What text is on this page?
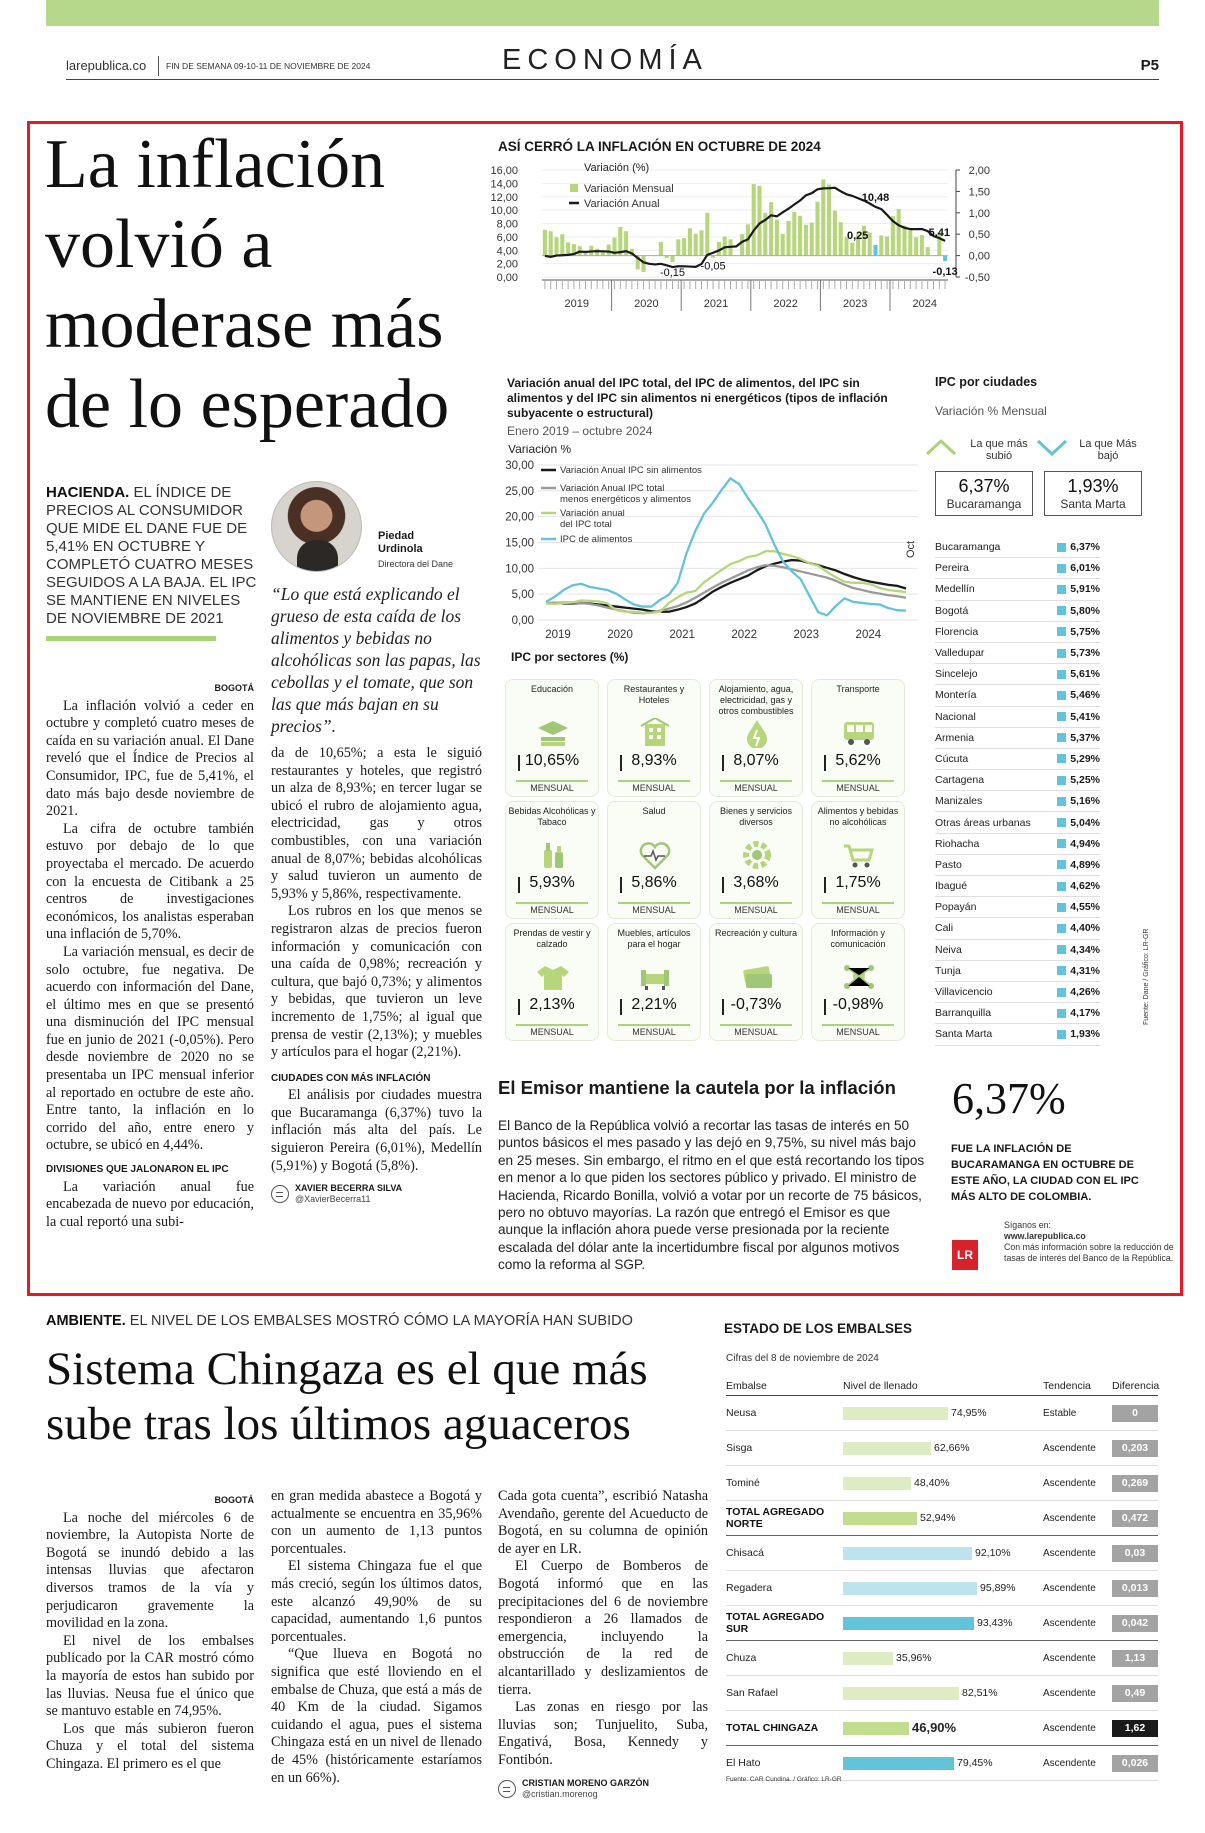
larepublica.co FIN DE SEMANA 09-10-11 DE NOVIEMBRE DE 2024	ECONOMÍA	P5
La inflación volvió a moderase más de lo esperado
HACIENDA. EL ÍNDICE DE PRECIOS AL CONSUMIDOR QUE MIDE EL DANE FUE DE 5,41% EN OCTUBRE Y COMPLETÓ CUATRO MESES SEGUIDOS A LA BAJA. EL IPC SE MANTIENE EN NIVELES DE NOVIEMBRE DE 2021
Piedad Urdinola
Directora del Dane
“Lo que está explicando el grueso de esta caída de los alimentos y bebidas no alcohólicas son las papas, las cebollas y el tomate, que son las que más bajan en su precios”.
BOGOTÁ

La inflación volvió a ceder en octubre y completó cuatro meses de caída en su variación anual. El Dane reveló que el Índice de Precios al Consumidor, IPC, fue de 5,41%, el dato más bajo desde noviembre de 2021.

La cifra de octubre también estuvo por debajo de lo que proyectaba el mercado. De acuerdo con la encuesta de Citibank a 25 centros de investigaciones económicos, los analistas esperaban una inflación de 5,70%.

La variación mensual, es decir de solo octubre, fue negativa. De acuerdo con información del Dane, el último mes en que se presentó una disminución del IPC mensual fue en junio de 2021 (-0,05%). Pero desde noviembre de 2020 no se presentaba un IPC mensual inferior al reportado en octubre de este año. Entre tanto, la inflación en lo corrido del año, entre enero y octubre, se ubicó en 4,44%.

DIVISIONES QUE JALONARON EL IPC

La variación anual fue encabezada de nuevo por educación, la cual reportó una subi-

da de 10,65%; a esta le siguió restaurantes y hoteles, que registró un alza de 8,93%; en tercer lugar se ubicó el rubro de alojamiento agua, electricidad, gas y otros combustibles, con una variación anual de 8,07%; bebidas alcohólicas y salud tuvieron un aumento de 5,93% y 5,86%, respectivamente.

Los rubros en los que menos se registraron alzas de precios fueron información y comunicación con una caída de 0,98%; recreación y cultura, que bajó 0,73%; y alimentos y bebidas, que tuvieron un leve incremento de 1,75%; al igual que prensa de vestir (2,13%); y muebles y artículos para el hogar (2,21%).

CIUDADES CON MÁS INFLACIÓN

El análisis por ciudades muestra que Bucaramanga (6,37%) tuvo la inflación más alta del país. Le siguieron Pereira (6,01%), Medellín (5,91%) y Bogotá (5,8%).

XAVIER BECERRA SILVA
@XavierBecerra11
ASÍ CERRÓ LA INFLACIÓN EN OCTUBRE DE 2024
16,00
14,00
12,00
10,00
8,00
6,00
4,00
2,00
0,00
2,00
1,50
1,00
0,50
0,00
-0,50
Variación (%)
Variación Mensual
Variación Anual
10,48
0,25	5,41
-0,13
-0,15
-0,05
2019	2020	2021	2022	2023	2024
Variación anual del IPC total, del IPC de alimentos, del IPC sin alimentos y del IPC sin alimentos ni energéticos (tipos de inflación subyacente o estructural)
Enero 2019 – octubre 2024
Variación %
30,00
25,00
20,00
15,00
10,00
5,00
0,00
Variación Anual IPC sin alimentos
Variación Anual IPC total menos energéticos y alimentos
Variación anual del IPC total
IPC de alimentos
2019	2020	2021	2022	2023	2024
Oct
IPC por sectores (%)
Educación
10,65%
MENSUAL
Restaurantes y Hoteles
8,93%
MENSUAL
Alojamiento, agua, electricidad, gas y otros combustibles
8,07%
MENSUAL
Transporte
5,62%
MENSUAL
Bebidas Alcohólicas y Tabaco
5,93%
MENSUAL
Salud
5,86%
MENSUAL
Bienes y servicios diversos
3,68%
MENSUAL
Alimentos y bebidas no alcohólicas
1,75%
MENSUAL
Prendas de vestir y calzado
2,13%
MENSUAL
Muebles, artículos para el hogar
2,21%
MENSUAL
Recreación y cultura
-0,73%
MENSUAL
Información y comunicación
-0,98%
MENSUAL
IPC por ciudades
Variación % Mensual
La que más subió
6,37%
Bucaramanga
La que Más bajó
1,93%
Santa Marta
Bucaramanga	6,37%
Pereira	6,01%
Medellín	5,91%
Bogotá	5,80%
Florencia	5,75%
Valledupar	5,73%
Sincelejo	5,61%
Montería	5,46%
Nacional	5,41%
Armenia	5,37%
Cúcuta	5,29%
Cartagena	5,25%
Manizales	5,16%
Otras áreas urbanas	5,04%
Riohacha	4,94%
Pasto	4,89%
Ibagué	4,62%
Popayán	4,55%
Cali	4,40%
Neiva	4,34%
Tunja	4,31%
Villavicencio	4,26%
Barranquilla	4,17%
Santa Marta	1,93%
Fuente: Dane / Gráfico: LR-GR
El Emisor mantiene la cautela por la inflación
El Banco de la República volvió a recortar las tasas de interés en 50 puntos básicos el mes pasado y las dejó en 9,75%, su nivel más bajo en 25 meses. Sin embargo, el ritmo en el que está recortando los tipos en menor a lo que piden los sectores público y privado. El ministro de Hacienda, Ricardo Bonilla, volvió a votar por un recorte de 75 básicos, pero no obtuvo mayorías. La razón que entregó el Emisor es que aunque la inflación ahora puede verse presionada por la reciente escalada del dólar ante la incertidumbre fiscal por algunos motivos como la reforma al SGP.
6,37%
FUE LA INFLACIÓN DE BUCARAMANGA EN OCTUBRE DE ESTE AÑO, LA CIUDAD CON EL IPC MÁS ALTO DE COLOMBIA.
LR
Síganos en:
www.larepublica.co
Con más información sobre la reducción de tasas de interés del Banco de la República.
AMBIENTE. EL NIVEL DE LOS EMBALSES MOSTRÓ CÓMO LA MAYORÍA HAN SUBIDO
Sistema Chingaza es el que más sube tras los últimos aguaceros
BOGOTÁ

La noche del miércoles 6 de noviembre, la Autopista Norte de Bogotá se inundó debido a las intensas lluvias que afectaron diversos tramos de la vía y perjudicaron gravemente la movilidad en la zona.

El nivel de los embalses publicado por la CAR mostró cómo la mayoría de estos han subido por las lluvias. Neusa fue el único que se mantuvo estable en 74,95%.

Los que más subieron fueron Chuza y el total del sistema Chingaza. El primero es el que

en gran medida abastece a Bogotá y actualmente se encuentra en 35,96% con un aumento de 1,13 puntos porcentuales.

El sistema Chingaza fue el que más creció, según los últimos datos, este alcanzó 49,90% de su capacidad, aumentando 1,6 puntos porcentuales.

“Que llueva en Bogotá no significa que esté lloviendo en el embalse de Chuza, que está a más de 40 Km de la ciudad. Sigamos cuidando el agua, pues el sistema Chingaza está en un nivel de llenado de 45% (históricamente estaríamos en un 66%).

Cada gota cuenta”, escribió Natasha Avendaño, gerente del Acueducto de Bogotá, en su columna de opinión de ayer en LR.

El Cuerpo de Bomberos de Bogotá informó que en las precipitaciones del 6 de noviembre respondieron a 26 llamados de emergencia, incluyendo la obstrucción de la red de alcantarillado y deslizamientos de tierra.

Las zonas en riesgo por las lluvias son; Tunjuelito, Suba, Engativá, Bosa, Kennedy y Fontibón.

CRISTIAN MORENO GARZÓN
@cristian.morenog
ESTADO DE LOS EMBALSES
Cifras del 8 de noviembre de 2024
Embalse	Nivel de llenado	Tendencia	Diferencia
Neusa	74,95%	Estable	0
Sisga	62,66%	Ascendente	0,203
Tominé	48,40%	Ascendente	0,269
TOTAL AGREGADO NORTE
52,94%	Ascendente	0,472
Chisacá	92,10%	Ascendente	0,03
Regadera	95,89%	Ascendente	0,013
TOTAL AGREGADO SUR
93,43%	Ascendente	0,042
Chuza	35,96%	Ascendente	1,13
San Rafael	82,51%	Ascendente	0,49
TOTAL CHINGAZA	46,90%	Ascendente	1,62
El Hato	79,45%	Ascendente	0,026
Fuente: CAR Cundina. / Gráfico: LR-GR
